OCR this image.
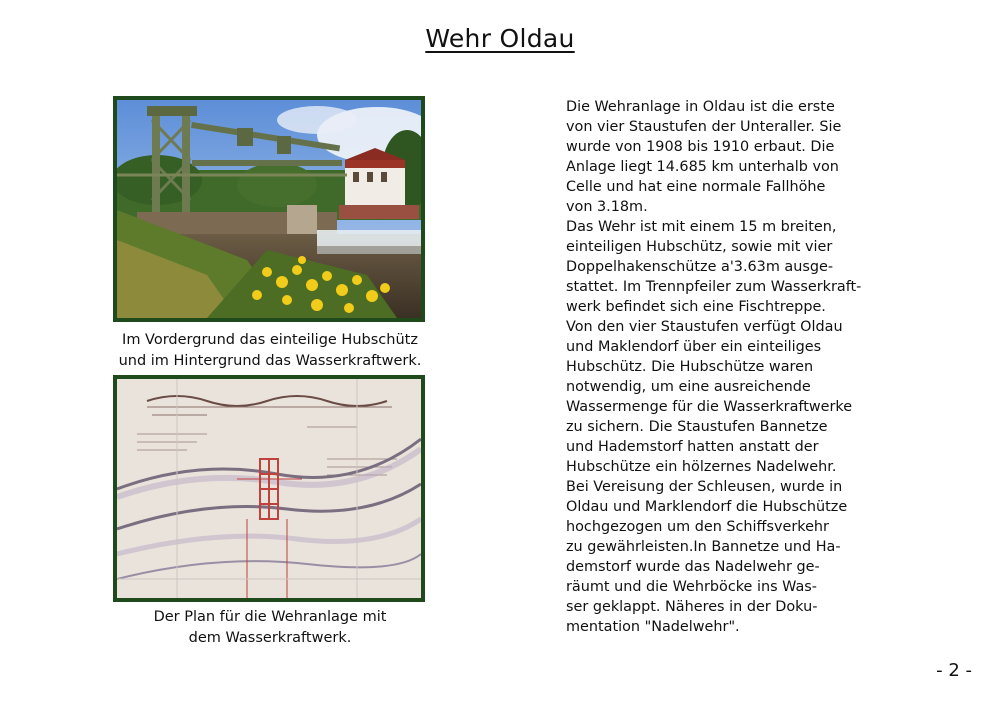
Wehr Oldau
Im Vordergrund das einteilige Hubschütz
und im Hintergrund das Wasserkraftwerk.
Der Plan für die Wehranlage mit
dem Wasserkraftwerk.
Die Wehranlage in Oldau ist die erste
von vier Staustufen der Unteraller. Sie
wurde von 1908 bis 1910 erbaut. Die
Anlage liegt 14.685 km unterhalb von
Celle und hat eine normale Fallhöhe
von 3.18m.
Das Wehr ist mit einem 15 m breiten,
einteiligen Hubschütz, sowie mit vier
Doppelhakenschütze a'3.63m ausge-
stattet. Im Trennpfeiler zum Wasserkraft-
werk befindet sich eine Fischtreppe.
Von den vier Staustufen verfügt Oldau
und Maklendorf über ein einteiliges
Hubschütz. Die Hubschütze waren
notwendig, um eine ausreichende
Wassermenge für die Wasserkraftwerke
zu sichern. Die Staustufen Bannetze
und Hademstorf hatten anstatt der
Hubschütze ein hölzernes Nadelwehr.
Bei Vereisung der Schleusen, wurde in
Oldau und Marklendorf die Hubschütze
hochgezogen um den Schiffsverkehr
zu gewährleisten.In Bannetze und Ha-
demstorf wurde das Nadelwehr ge-
räumt und die Wehrböcke ins Was-
ser geklappt. Näheres in der Doku-
mentation "Nadelwehr".
- 2 -
